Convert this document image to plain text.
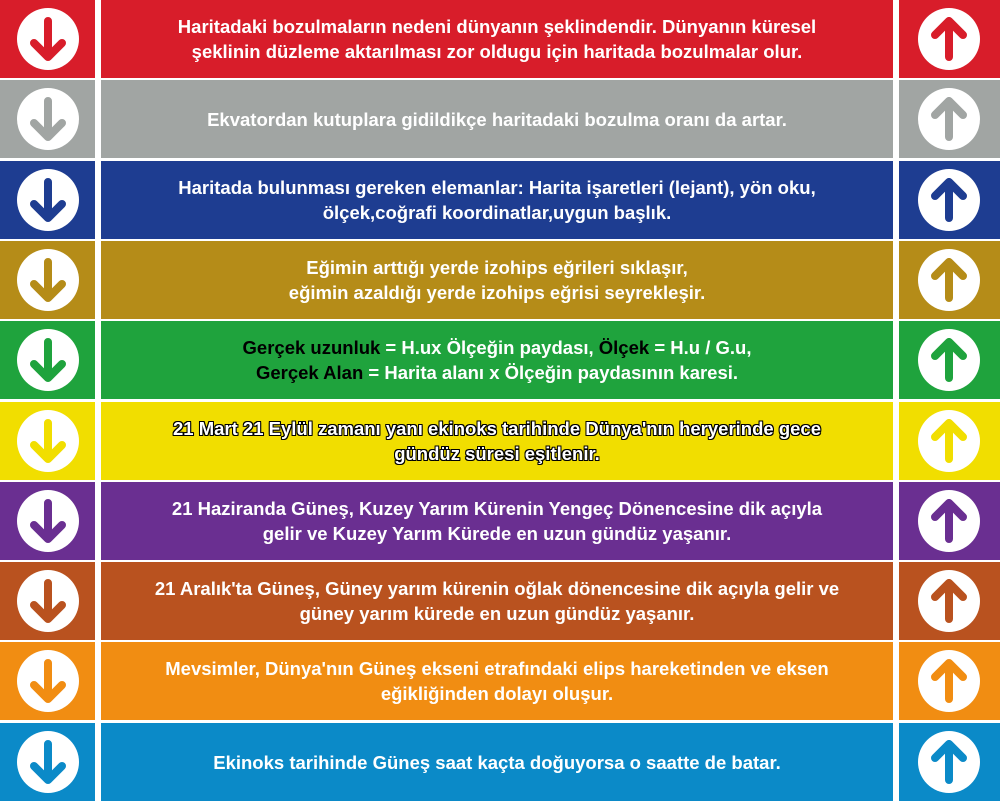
Haritadaki bozulmaların nedeni dünyanın şeklindendir. Dünyanın küresel
şeklinin düzleme aktarılması zor oldugu için haritada bozulmalar olur.
Ekvatordan kutuplara gidildikçe haritadaki bozulma oranı da artar.
Haritada bulunması gereken elemanlar: Harita işaretleri (lejant), yön oku,
ölçek,coğrafi koordinatlar,uygun başlık.
Eğimin arttığı yerde izohips eğrileri sıklaşır,
eğimin azaldığı yerde izohips eğrisi seyrekleşir.
Gerçek uzunluk = H.ux Ölçeğin paydası, Ölçek = H.u / G.u,
Gerçek Alan = Harita alanı x Ölçeğin paydasının karesi.
21 Mart 21 Eylül zamanı yanı ekinoks tarihinde Dünya'nın heryerinde gece
gündüz süresi eşitlenir.
21 Haziranda Güneş, Kuzey Yarım Kürenin Yengeç Dönencesine dik açıyla
gelir ve Kuzey Yarım Kürede en uzun gündüz yaşanır.
21 Aralık'ta Güneş, Güney yarım kürenin oğlak dönencesine dik açıyla gelir ve
güney yarım kürede en uzun gündüz yaşanır.
Mevsimler, Dünya'nın Güneş ekseni etrafındaki elips hareketinden ve eksen
eğikliğinden dolayı oluşur.
Ekinoks tarihinde Güneş saat kaçta doğuyorsa o saatte de batar.
